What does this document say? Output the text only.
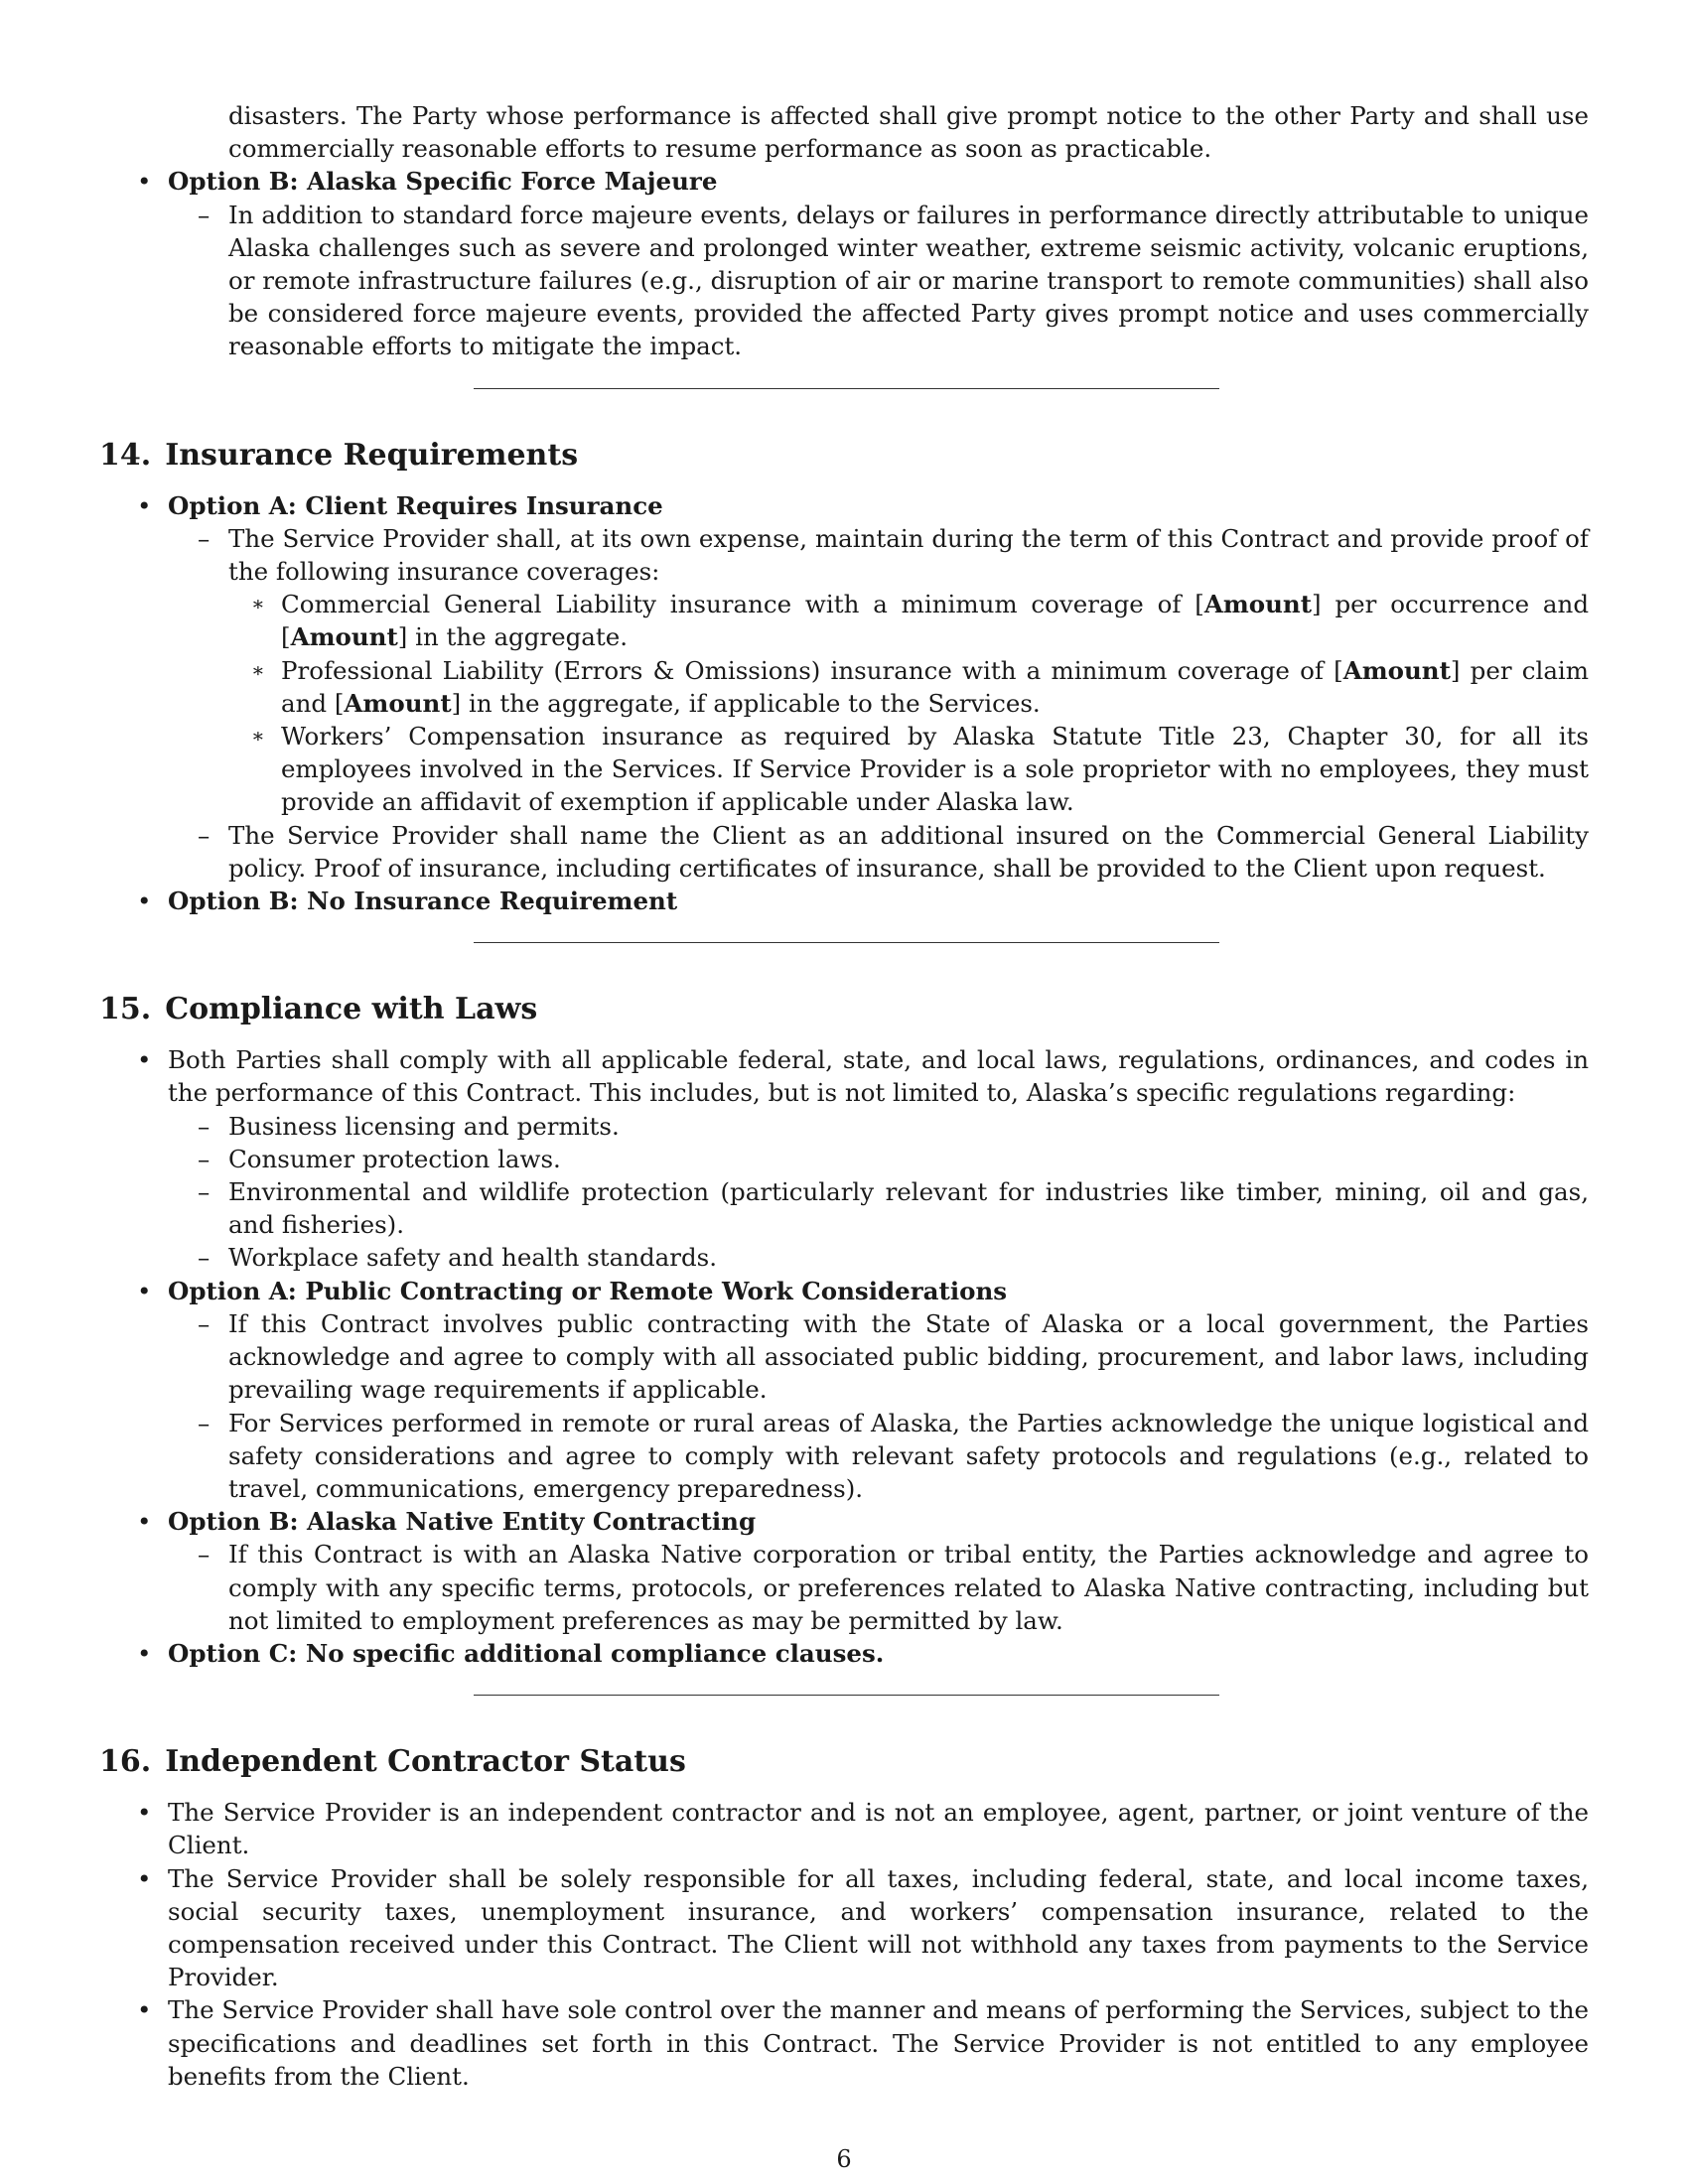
disasters. The Party whose performance is affected shall give prompt notice to the other Party and shall use commercially reasonable efforts to resume performance as soon as practicable.

• Option B: Alaska Specific Force Majeure
– In addition to standard force majeure events, delays or failures in performance directly attributable to unique Alaska challenges such as severe and prolonged winter weather, extreme seismic activity, volcanic eruptions, or remote infrastructure failures (e.g., disruption of air or marine transport to remote communities) shall also be considered force majeure events, provided the affected Party gives prompt notice and uses commercially reasonable efforts to mitigate the impact.

14. Insurance Requirements
• Option A: Client Requires Insurance
– The Service Provider shall, at its own expense, maintain during the term of this Contract and provide proof of the following insurance coverages:

∗ Commercial General Liability insurance with a minimum coverage of [Amount] per occurrence and [Amount] in the aggregate.

∗ Professional Liability (Errors & Omissions) insurance with a minimum coverage of [Amount] per claim and [Amount] in the aggregate, if applicable to the Services.

∗ Workers’ Compensation insurance as required by Alaska Statute Title 23, Chapter 30, for all its employees involved in the Services. If Service Provider is a sole proprietor with no employees, they must provide an affidavit of exemption if applicable under Alaska law.

– The Service Provider shall name the Client as an additional insured on the Commercial General Liability policy. Proof of insurance, including certificates of insurance, shall be provided to the Client upon request.

• Option B: No Insurance Requirement
15. Compliance with Laws
• Both Parties shall comply with all applicable federal, state, and local laws, regulations, ordinances, and codes in the performance of this Contract. This includes, but is not limited to, Alaska’s specific regulations regarding:

– Business licensing and permits.

– Consumer protection laws.

– Environmental and wildlife protection (particularly relevant for industries like timber, mining, oil and gas, and fisheries).

– Workplace safety and health standards.

• Option A: Public Contracting or Remote Work Considerations
– If this Contract involves public contracting with the State of Alaska or a local government, the Parties acknowledge and agree to comply with all associated public bidding, procurement, and labor laws, including prevailing wage requirements if applicable.

– For Services performed in remote or rural areas of Alaska, the Parties acknowledge the unique logistical and safety considerations and agree to comply with relevant safety protocols and regulations (e.g., related to travel, communications, emergency preparedness).

• Option B: Alaska Native Entity Contracting
– If this Contract is with an Alaska Native corporation or tribal entity, the Parties acknowledge and agree to comply with any specific terms, protocols, or preferences related to Alaska Native contracting, including but not limited to employment preferences as may be permitted by law.

• Option C: No specific additional compliance clauses.
16. Independent Contractor Status
• The Service Provider is an independent contractor and is not an employee, agent, partner, or joint venture of the Client.

• The Service Provider shall be solely responsible for all taxes, including federal, state, and local income taxes, social security taxes, unemployment insurance, and workers’ compensation insurance, related to the compensation received under this Contract. The Client will not withhold any taxes from payments to the Service Provider.

• The Service Provider shall have sole control over the manner and means of performing the Services, subject to the specifications and deadlines set forth in this Contract. The Service Provider is not entitled to any employee benefits from the Client.

6
